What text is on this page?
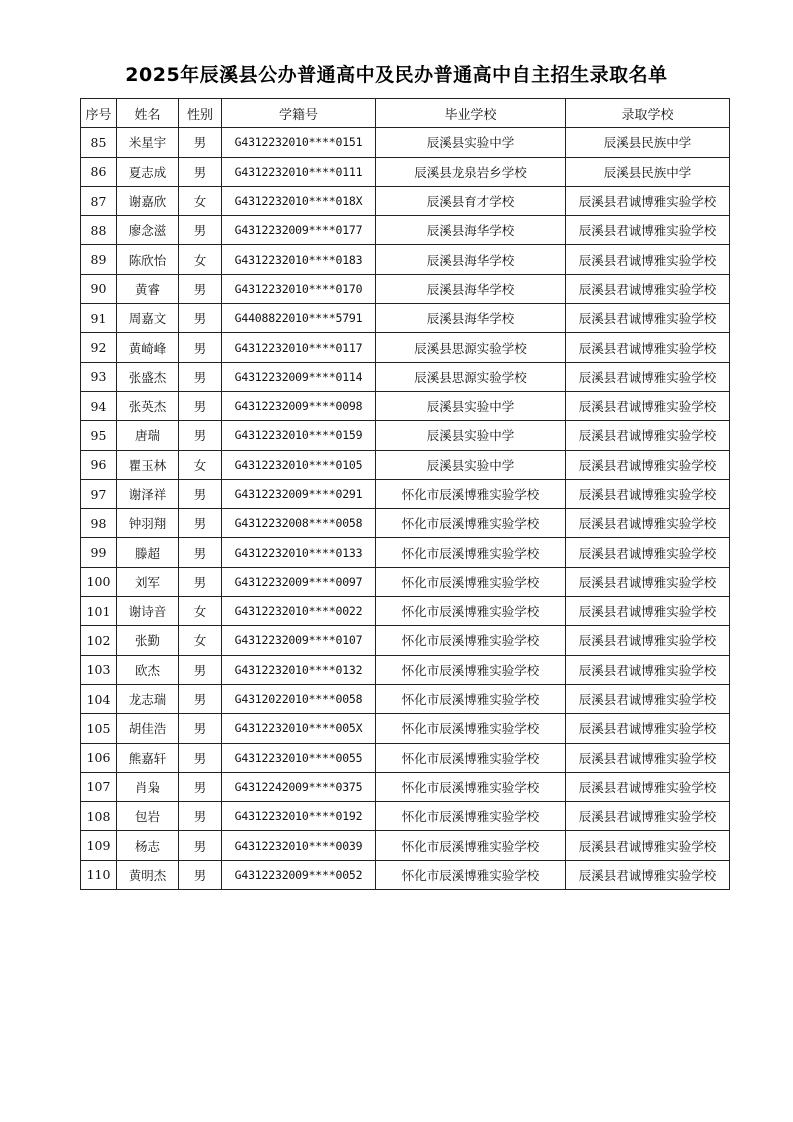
2025年辰溪县公办普通高中及民办普通高中自主招生录取名单
序号	姓名	性别	学籍号	毕业学校	录取学校
85	米星宇	男	G4312232010****0151	辰溪县实验中学	辰溪县民族中学
86	夏志成	男	G4312232010****0111	辰溪县龙泉岩乡学校	辰溪县民族中学
87	谢嘉欣	女	G4312232010****018X	辰溪县育才学校	辰溪县君诚博雅实验学校
88	廖念滋	男	G4312232009****0177	辰溪县海华学校	辰溪县君诚博雅实验学校
89	陈欣怡	女	G4312232010****0183	辰溪县海华学校	辰溪县君诚博雅实验学校
90	黄睿	男	G4312232010****0170	辰溪县海华学校	辰溪县君诚博雅实验学校
91	周嘉文	男	G4408822010****5791	辰溪县海华学校	辰溪县君诚博雅实验学校
92	黄崎峰	男	G4312232010****0117	辰溪县思源实验学校	辰溪县君诚博雅实验学校
93	张盛杰	男	G4312232009****0114	辰溪县思源实验学校	辰溪县君诚博雅实验学校
94	张英杰	男	G4312232009****0098	辰溪县实验中学	辰溪县君诚博雅实验学校
95	唐瑞	男	G4312232010****0159	辰溪县实验中学	辰溪县君诚博雅实验学校
96	瞿玉林	女	G4312232010****0105	辰溪县实验中学	辰溪县君诚博雅实验学校
97	谢泽祥	男	G4312232009****0291	怀化市辰溪博雅实验学校	辰溪县君诚博雅实验学校
98	钟羽翔	男	G4312232008****0058	怀化市辰溪博雅实验学校	辰溪县君诚博雅实验学校
99	滕超	男	G4312232010****0133	怀化市辰溪博雅实验学校	辰溪县君诚博雅实验学校
100	刘军	男	G4312232009****0097	怀化市辰溪博雅实验学校	辰溪县君诚博雅实验学校
101	谢诗音	女	G4312232010****0022	怀化市辰溪博雅实验学校	辰溪县君诚博雅实验学校
102	张勤	女	G4312232009****0107	怀化市辰溪博雅实验学校	辰溪县君诚博雅实验学校
103	欧杰	男	G4312232010****0132	怀化市辰溪博雅实验学校	辰溪县君诚博雅实验学校
104	龙志瑞	男	G4312022010****0058	怀化市辰溪博雅实验学校	辰溪县君诚博雅实验学校
105	胡佳浩	男	G4312232010****005X	怀化市辰溪博雅实验学校	辰溪县君诚博雅实验学校
106	熊嘉轩	男	G4312232010****0055	怀化市辰溪博雅实验学校	辰溪县君诚博雅实验学校
107	肖枭	男	G4312242009****0375	怀化市辰溪博雅实验学校	辰溪县君诚博雅实验学校
108	包岩	男	G4312232010****0192	怀化市辰溪博雅实验学校	辰溪县君诚博雅实验学校
109	杨志	男	G4312232010****0039	怀化市辰溪博雅实验学校	辰溪县君诚博雅实验学校
110	黄明杰	男	G4312232009****0052	怀化市辰溪博雅实验学校	辰溪县君诚博雅实验学校
